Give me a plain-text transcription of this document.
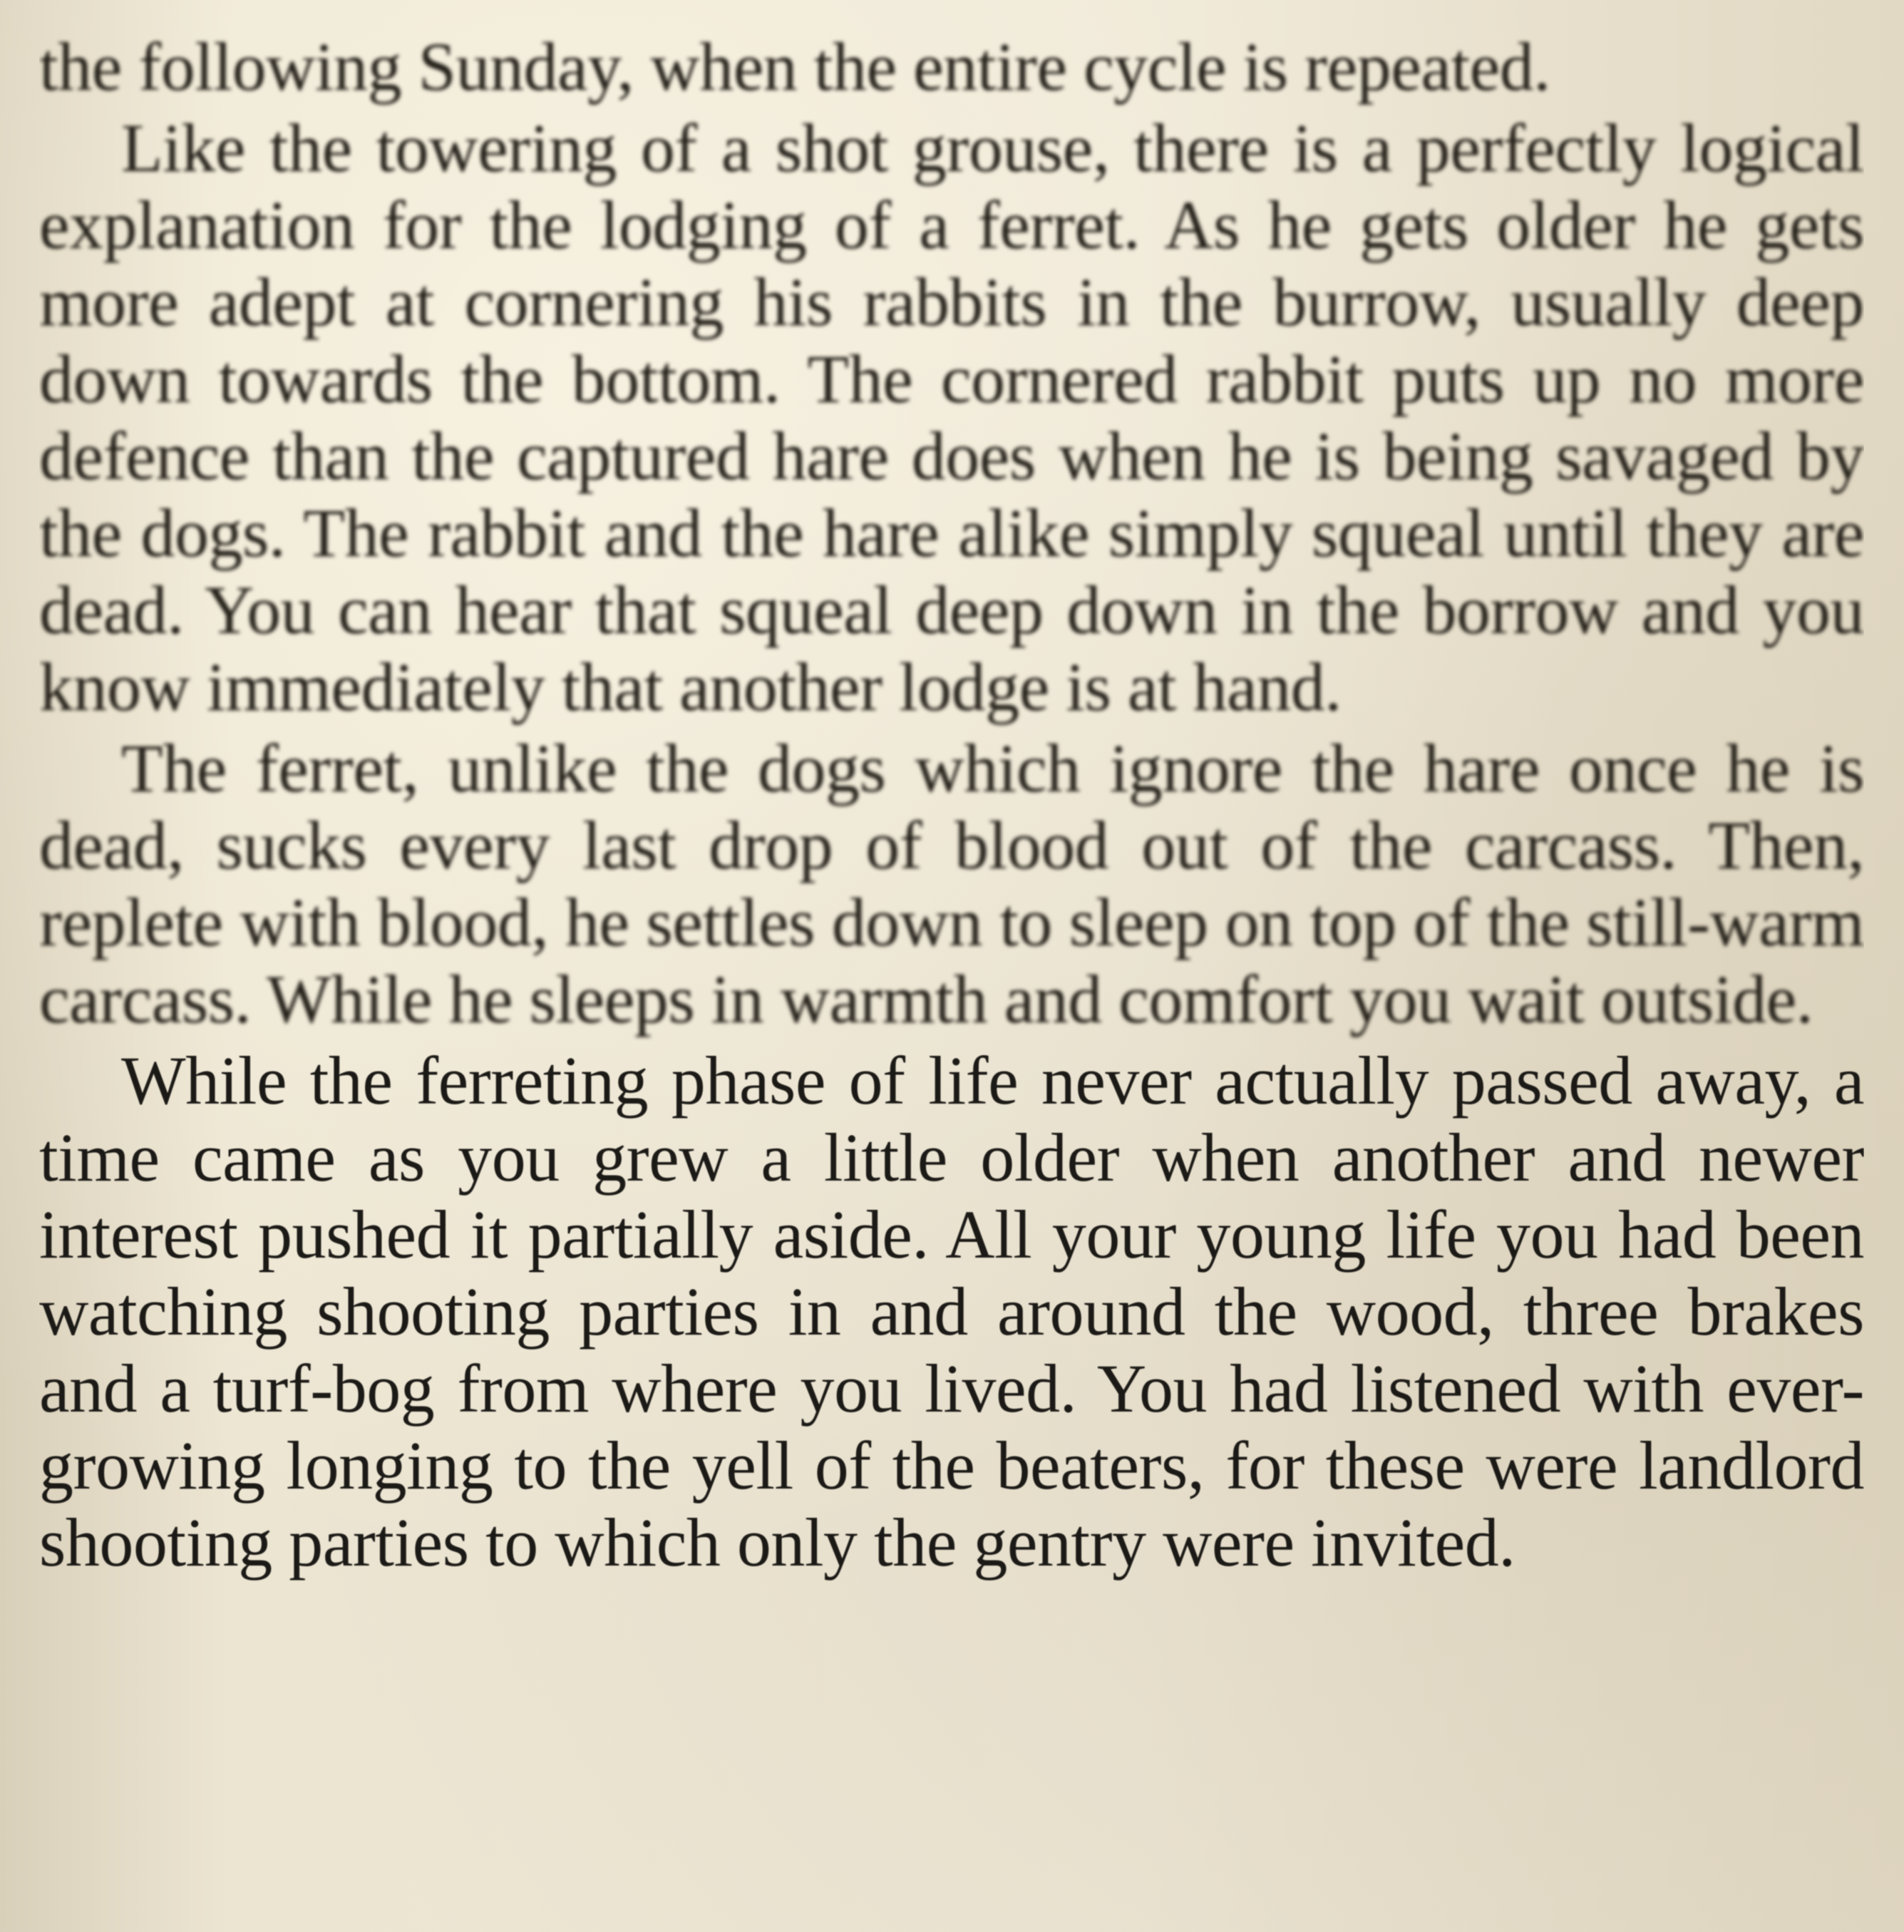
the following Sunday, when the entire cycle is repeated.

Like the towering of a shot grouse, there is a perfectly logical explanation for the lodging of a ferret. As he gets older he gets more adept at cornering his rabbits in the burrow, usually deep down towards the bottom. The cornered rabbit puts up no more defence than the captured hare does when he is being savaged by the dogs. The rabbit and the hare alike simply squeal until they are dead. You can hear that squeal deep down in the borrow and you know immediately that another lodge is at hand.

The ferret, unlike the dogs which ignore the hare once he is dead, sucks every last drop of blood out of the carcass. Then, replete with blood, he settles down to sleep on top of the still-warm carcass. While he sleeps in warmth and comfort you wait outside.

While the ferreting phase of life never actually passed away, a time came as you grew a little older when another and newer interest pushed it partially aside. All your young life you had been watching shooting parties in and around the wood, three brakes and a turf-bog from where you lived. You had listened with ever-growing longing to the yell of the beaters, for these were landlord shooting parties to which only the gentry were invited.
